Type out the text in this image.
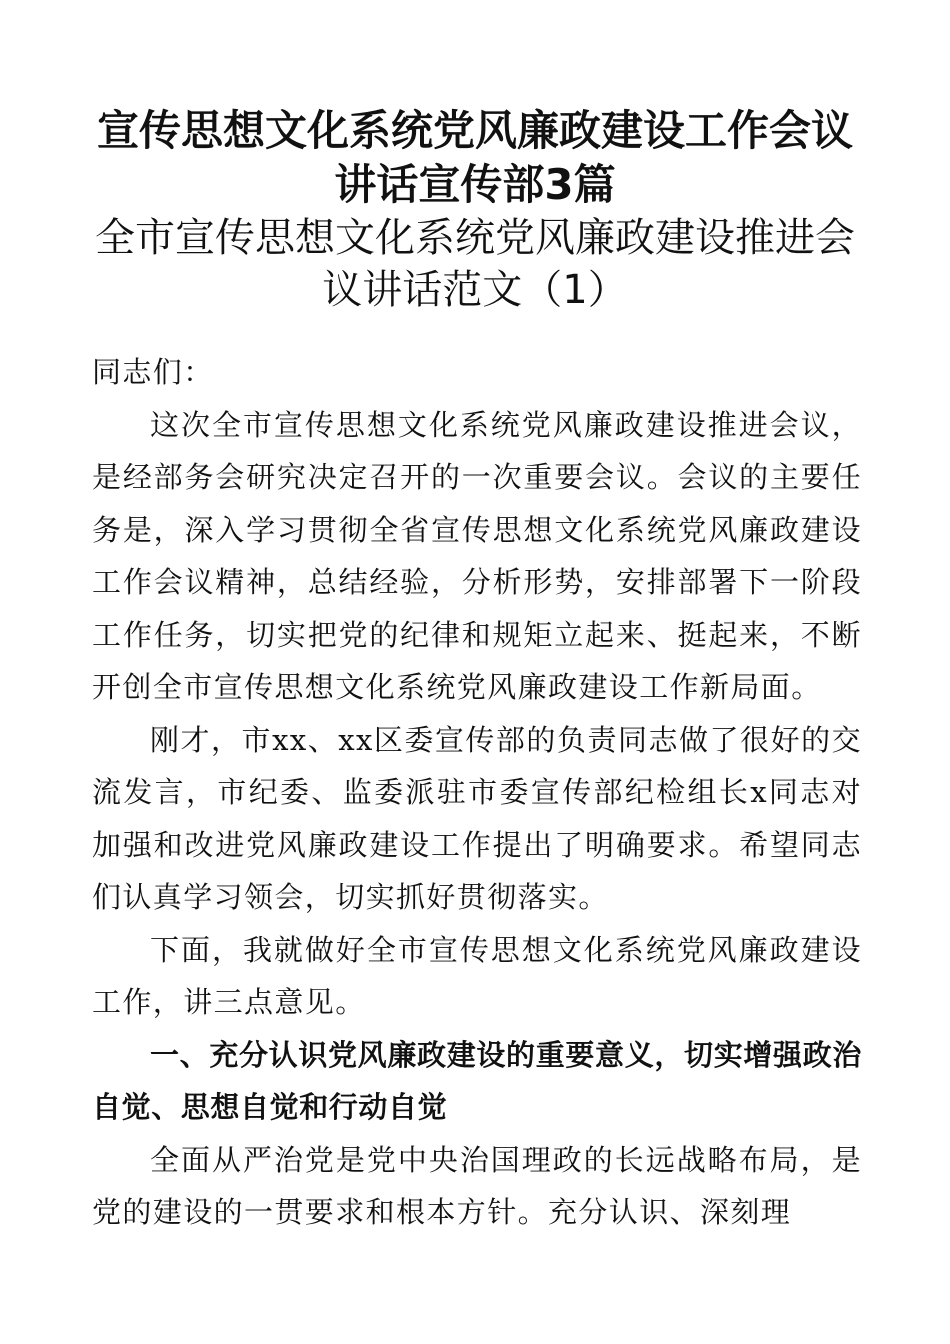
宣传思想文化系统党风廉政建设工作会议讲话宣传部3篇
全市宣传思想文化系统党风廉政建设推进会议讲话范文（1）

同志们：

这次全市宣传思想文化系统党风廉政建设推进会议，是经部务会研究决定召开的一次重要会议。会议的主要任务是，深入学习贯彻全省宣传思想文化系统党风廉政建设工作会议精神，总结经验，分析形势，安排部署下一阶段工作任务，切实把党的纪律和规矩立起来、挺起来，不断开创全市宣传思想文化系统党风廉政建设工作新局面。

刚才，市xx、xx区委宣传部的负责同志做了很好的交流发言，市纪委、监委派驻市委宣传部纪检组长x同志对加强和改进党风廉政建设工作提出了明确要求。希望同志们认真学习领会，切实抓好贯彻落实。

下面，我就做好全市宣传思想文化系统党风廉政建设工作，讲三点意见。

一、充分认识党风廉政建设的重要意义，切实增强政治自觉、思想自觉和行动自觉

全面从严治党是党中央治国理政的长远战略布局，是党的建设的一贯要求和根本方针。充分认识、深刻理
